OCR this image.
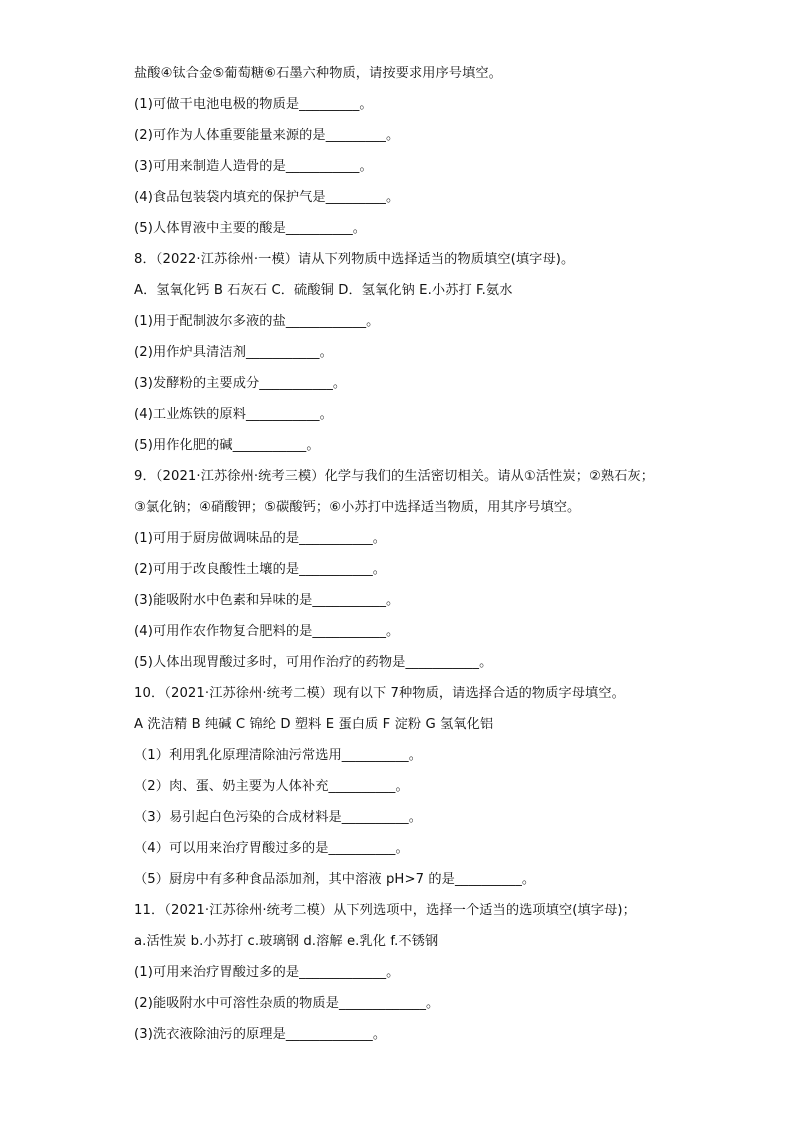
盐酸④钛合金⑤葡萄糖⑥石墨六种物质，请按要求用序号填空。
(1)可做干电池电极的物质是_________。
(2)可作为人体重要能量来源的是_________。
(3)可用来制造人造骨的是___________。
(4)食品包装袋内填充的保护气是_________。
(5)人体胃液中主要的酸是__________。
8．（2022·江苏徐州·一模）请从下列物质中选择适当的物质填空(填字母)。
A．氢氧化钙 B 石灰石 C．硫酸铜 D．氢氧化钠 E.小苏打 F.氨水
(1)用于配制波尔多液的盐____________。
(2)用作炉具清洁剂___________。
(3)发酵粉的主要成分___________。
(4)工业炼铁的原料___________。
(5)用作化肥的碱___________。
9．（2021·江苏徐州·统考三模）化学与我们的生活密切相关。请从①活性炭；②熟石灰；
③氯化钠；④硝酸钾；⑤碳酸钙；⑥小苏打中选择适当物质，用其序号填空。
(1)可用于厨房做调味品的是___________。
(2)可用于改良酸性土壤的是___________。
(3)能吸附水中色素和异味的是___________。
(4)可用作农作物复合肥料的是___________。
(5)人体出现胃酸过多时，可用作治疗的药物是___________。
10．（2021·江苏徐州·统考二模）现有以下 7种物质，请选择合适的物质字母填空。
A 洗洁精 B 纯碱 C 锦纶 D 塑料 E 蛋白质 F 淀粉 G 氢氧化铝
（1）利用乳化原理清除油污常选用__________。
（2）肉、蛋、奶主要为人体补充__________。
（3）易引起白色污染的合成材料是__________。
（4）可以用来治疗胃酸过多的是__________。
（5）厨房中有多种食品添加剂，其中溶液 pH>7 的是__________。
11．（2021·江苏徐州·统考二模）从下列选项中，选择一个适当的选项填空(填字母)；
a.活性炭 b.小苏打 c.玻璃钢 d.溶解 e.乳化 f.不锈钢
(1)可用来治疗胃酸过多的是_____________。
(2)能吸附水中可溶性杂质的物质是_____________。
(3)洗衣液除油污的原理是_____________。
